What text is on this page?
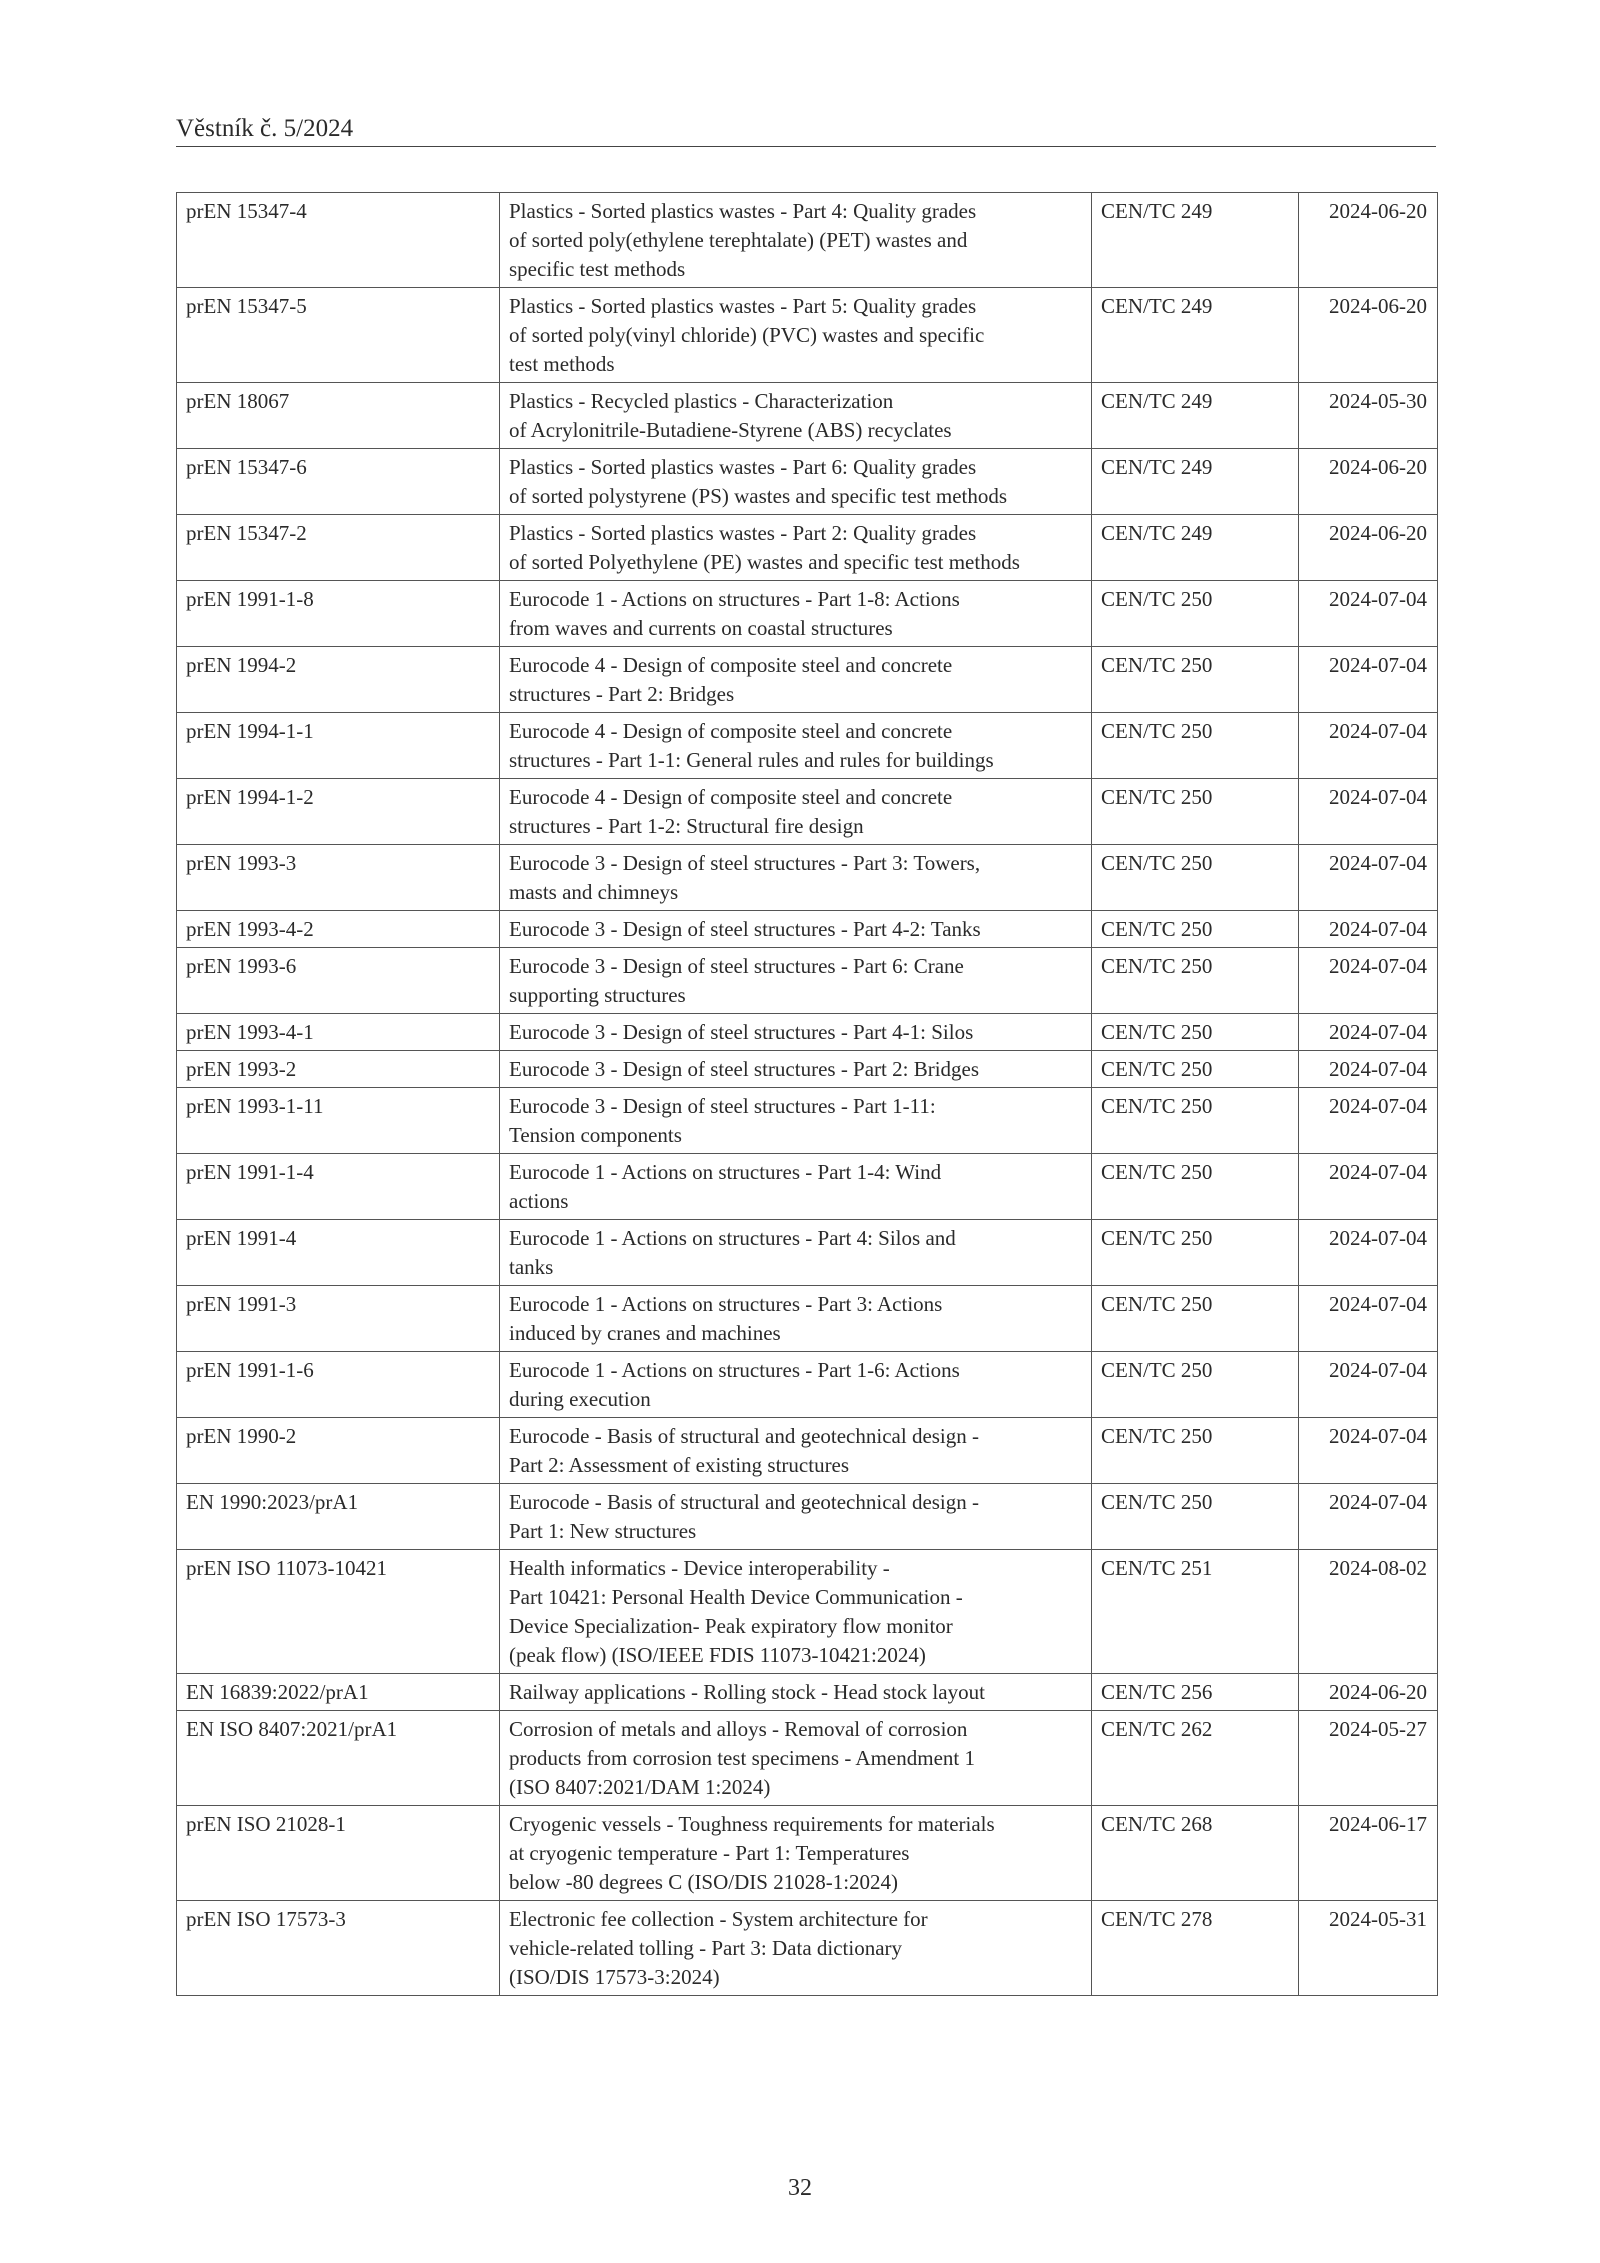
Věstník č. 5/2024
prEN 15347-4	Plastics - Sorted plastics wastes - Part 4: Quality grades
of sorted poly(ethylene terephtalate) (PET) wastes and
specific test methods	CEN/TC 249	2024-06-20
prEN 15347-5	Plastics - Sorted plastics wastes - Part 5: Quality grades
of sorted poly(vinyl chloride) (PVC) wastes and specific
test methods	CEN/TC 249	2024-06-20
prEN 18067	Plastics - Recycled plastics - Characterization
of Acrylonitrile-Butadiene-Styrene (ABS) recyclates	CEN/TC 249	2024-05-30
prEN 15347-6	Plastics - Sorted plastics wastes - Part 6: Quality grades
of sorted polystyrene (PS) wastes and specific test methods	CEN/TC 249	2024-06-20
prEN 15347-2	Plastics - Sorted plastics wastes - Part 2: Quality grades
of sorted Polyethylene (PE) wastes and specific test methods	CEN/TC 249	2024-06-20
prEN 1991-1-8	Eurocode 1 - Actions on structures - Part 1-8: Actions
from waves and currents on coastal structures	CEN/TC 250	2024-07-04
prEN 1994-2	Eurocode 4 - Design of composite steel and concrete
structures - Part 2: Bridges	CEN/TC 250	2024-07-04
prEN 1994-1-1	Eurocode 4 - Design of composite steel and concrete
structures - Part 1-1: General rules and rules for buildings	CEN/TC 250	2024-07-04
prEN 1994-1-2	Eurocode 4 - Design of composite steel and concrete
structures - Part 1-2: Structural fire design	CEN/TC 250	2024-07-04
prEN 1993-3	Eurocode 3 - Design of steel structures - Part 3: Towers,
masts and chimneys	CEN/TC 250	2024-07-04
prEN 1993-4-2	Eurocode 3 - Design of steel structures - Part 4-2: Tanks	CEN/TC 250	2024-07-04
prEN 1993-6	Eurocode 3 - Design of steel structures - Part 6: Crane
supporting structures	CEN/TC 250	2024-07-04
prEN 1993-4-1	Eurocode 3 - Design of steel structures - Part 4-1: Silos	CEN/TC 250	2024-07-04
prEN 1993-2	Eurocode 3 - Design of steel structures - Part 2: Bridges	CEN/TC 250	2024-07-04
prEN 1993-1-11	Eurocode 3 - Design of steel structures - Part 1-11:
Tension components	CEN/TC 250	2024-07-04
prEN 1991-1-4	Eurocode 1 - Actions on structures - Part 1-4: Wind
actions	CEN/TC 250	2024-07-04
prEN 1991-4	Eurocode 1 - Actions on structures - Part 4: Silos and
tanks	CEN/TC 250	2024-07-04
prEN 1991-3	Eurocode 1 - Actions on structures - Part 3: Actions
induced by cranes and machines	CEN/TC 250	2024-07-04
prEN 1991-1-6	Eurocode 1 - Actions on structures - Part 1-6: Actions
during execution	CEN/TC 250	2024-07-04
prEN 1990-2	Eurocode - Basis of structural and geotechnical design -
Part 2: Assessment of existing structures	CEN/TC 250	2024-07-04
EN 1990:2023/prA1	Eurocode - Basis of structural and geotechnical design -
Part 1: New structures	CEN/TC 250	2024-07-04
prEN ISO 11073-10421	Health informatics - Device interoperability -
Part 10421: Personal Health Device Communication -
Device Specialization- Peak expiratory flow monitor
(peak flow) (ISO/IEEE FDIS 11073-10421:2024)	CEN/TC 251	2024-08-02
EN 16839:2022/prA1	Railway applications - Rolling stock - Head stock layout	CEN/TC 256	2024-06-20
EN ISO 8407:2021/prA1	Corrosion of metals and alloys - Removal of corrosion
products from corrosion test specimens - Amendment 1
(ISO 8407:2021/DAM 1:2024)	CEN/TC 262	2024-05-27
prEN ISO 21028-1	Cryogenic vessels - Toughness requirements for materials
at cryogenic temperature - Part 1: Temperatures
below -80 degrees C (ISO/DIS 21028-1:2024)	CEN/TC 268	2024-06-17
prEN ISO 17573-3	Electronic fee collection - System architecture for
vehicle-related tolling - Part 3: Data dictionary
(ISO/DIS 17573-3:2024)	CEN/TC 278	2024-05-31
32
